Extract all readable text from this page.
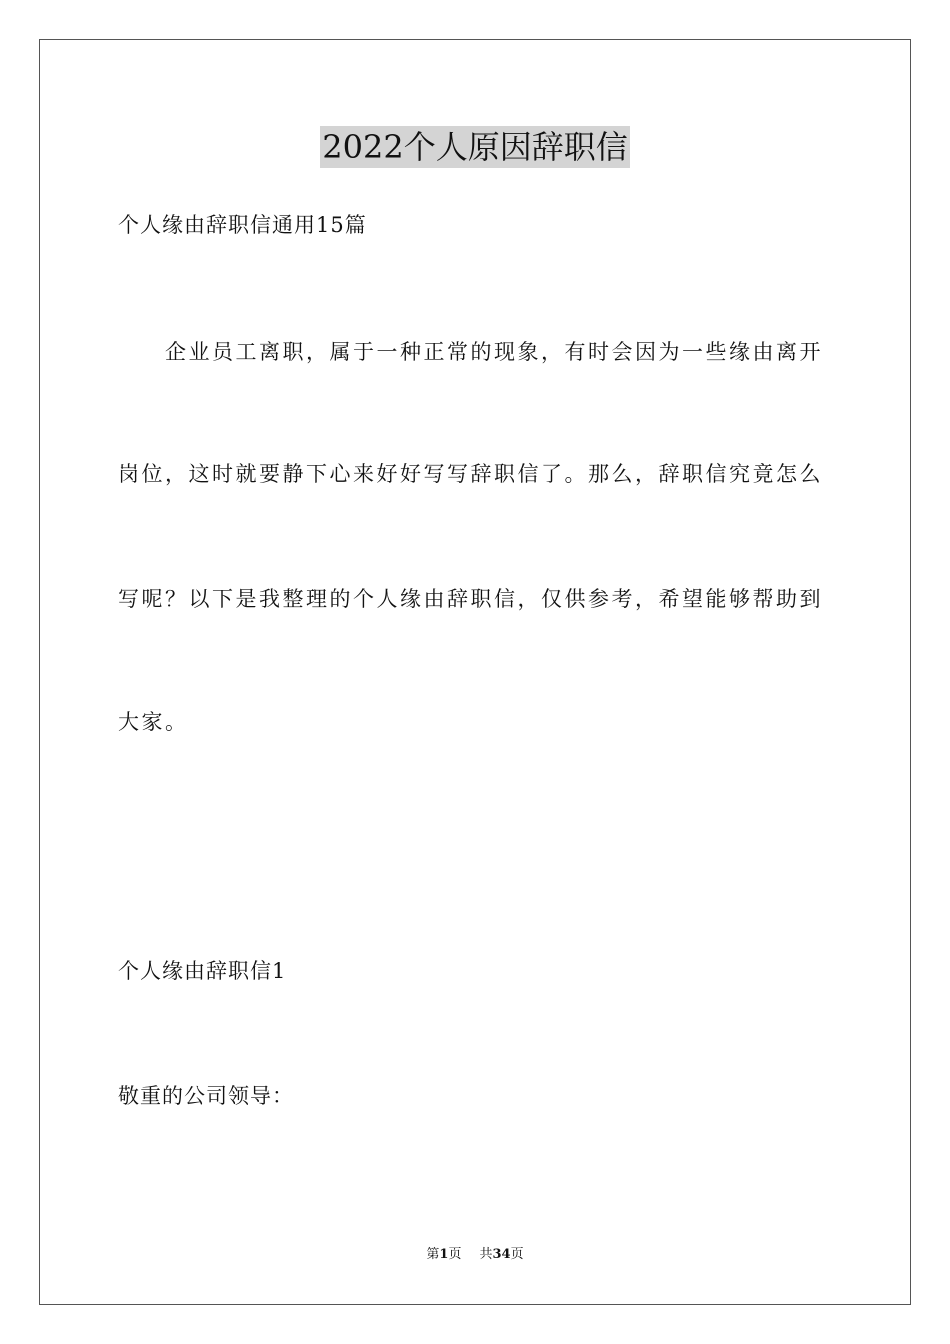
2022个人原因辞职信
个人缘由辞职信通用15篇
　　企业员工离职，属于一种正常的现象，有时会因为一些缘由离开
岗位，这时就要静下心来好好写写辞职信了。那么，辞职信究竟怎么
写呢？以下是我整理的个人缘由辞职信，仅供参考，希望能够帮助到
大家。
个人缘由辞职信1
敬重的公司领导：
第1页 共34页
